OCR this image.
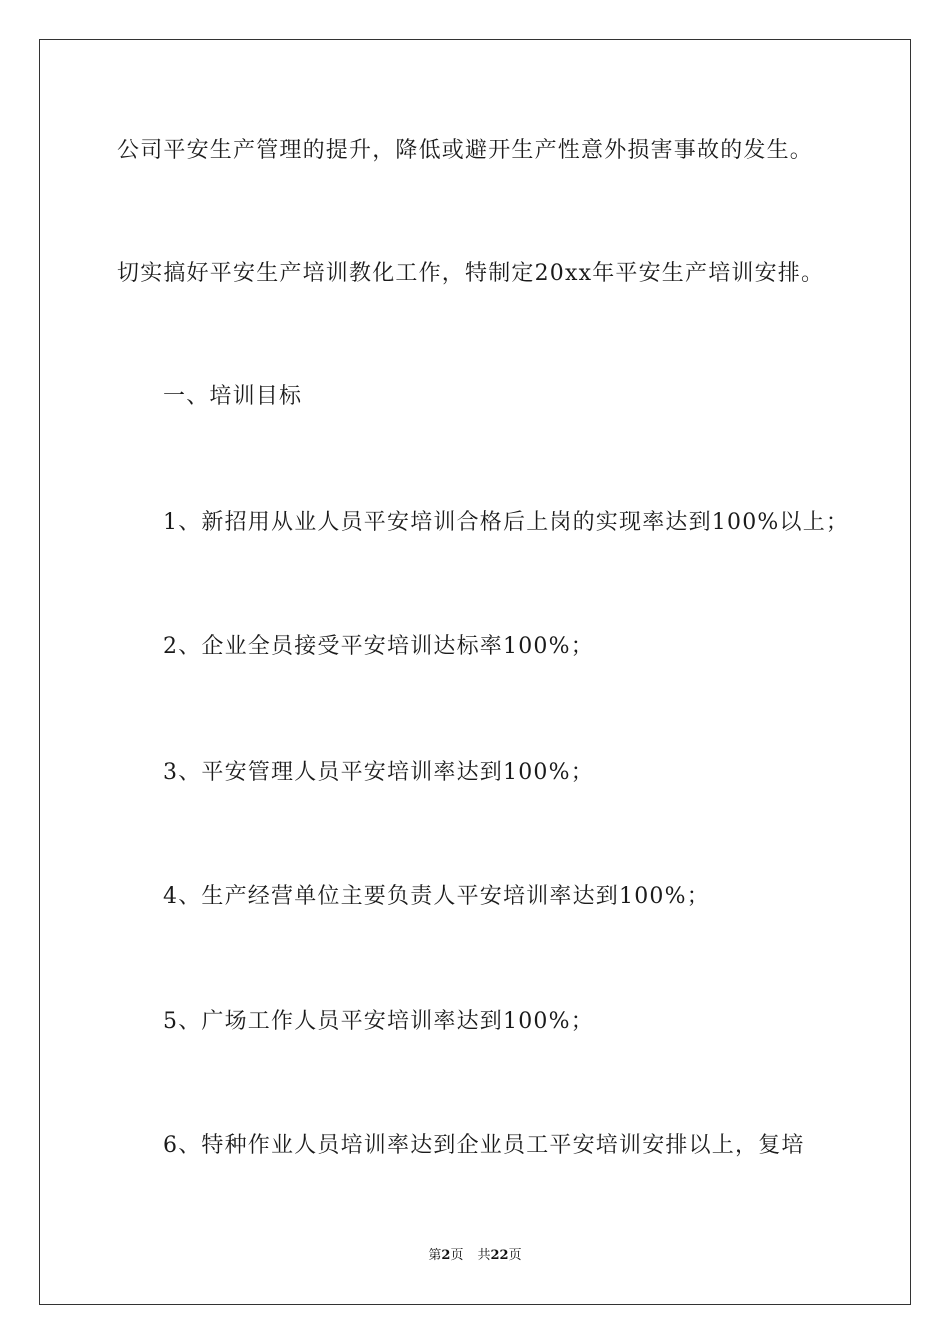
公司平安生产管理的提升，降低或避开生产性意外损害事故的发生。
切实搞好平安生产培训教化工作，特制定20xx年平安生产培训安排。
一、培训目标
1、新招用从业人员平安培训合格后上岗的实现率达到100%以上；
2、企业全员接受平安培训达标率100%；
3、平安管理人员平安培训率达到100%；
4、生产经营单位主要负责人平安培训率达到100%；
5、广场工作人员平安培训率达到100%；
6、特种作业人员培训率达到企业员工平安培训安排以上，复培
第2页 共22页
